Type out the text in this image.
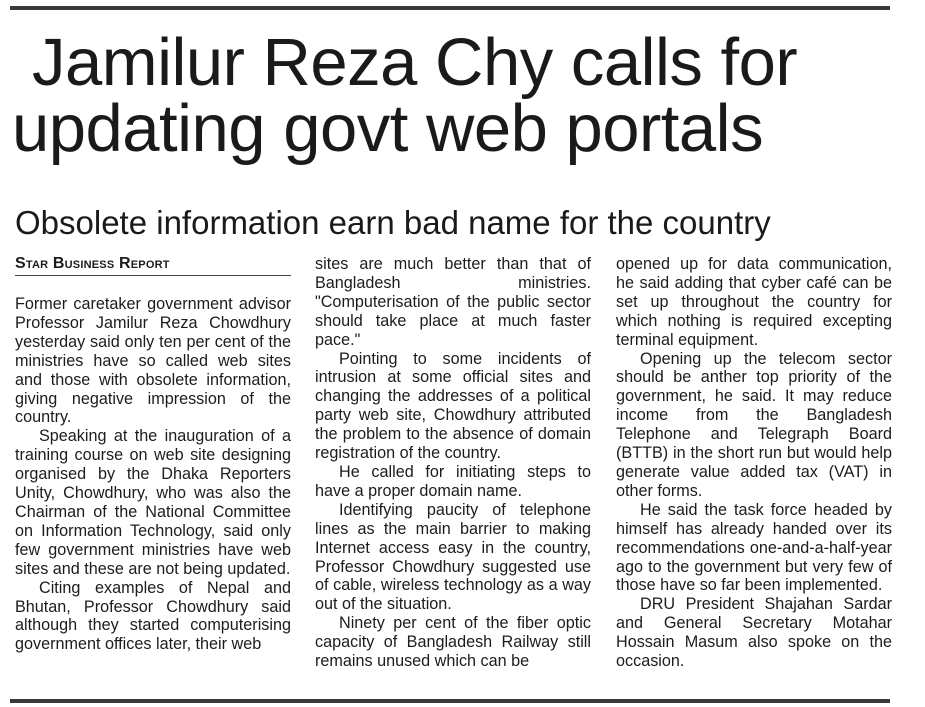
Jamilur Reza Chy calls for
updating govt web portals
Obsolete information earn bad name for the country
Star Business Report

Former caretaker government advisor Professor Jamilur Reza Chowdhury yesterday said only ten per cent of the ministries have so called web sites and those with obsolete information, giving negative impression of the country.

Speaking at the inauguration of a training course on web site designing organised by the Dhaka Reporters Unity, Chowdhury, who was also the Chairman of the National Committee on Information Technology, said only few government ministries have web sites and these are not being updated.

Citing examples of Nepal and Bhutan, Professor Chowdhury said although they started computerising government offices later, their web

sites are much better than that of Bangladesh ministries. "Computerisation of the public sector should take place at much faster pace."

Pointing to some incidents of intrusion at some official sites and changing the addresses of a political party web site, Chowdhury attributed the problem to the absence of domain registration of the country.

He called for initiating steps to have a proper domain name.

Identifying paucity of telephone lines as the main barrier to making Internet access easy in the country, Professor Chowdhury suggested use of cable, wireless technology as a way out of the situation.

Ninety per cent of the fiber optic capacity of Bangladesh Railway still remains unused which can be

opened up for data communication, he said adding that cyber café can be set up throughout the country for which nothing is required excepting terminal equipment.

Opening up the telecom sector should be anther top priority of the government, he said. It may reduce income from the Bangladesh Telephone and Telegraph Board (BTTB) in the short run but would help generate value added tax (VAT) in other forms.

He said the task force headed by himself has already handed over its recommendations one-and-a-half-year ago to the government but very few of those have so far been implemented.

DRU President Shajahan Sardar and General Secretary Motahar Hossain Masum also spoke on the occasion.
